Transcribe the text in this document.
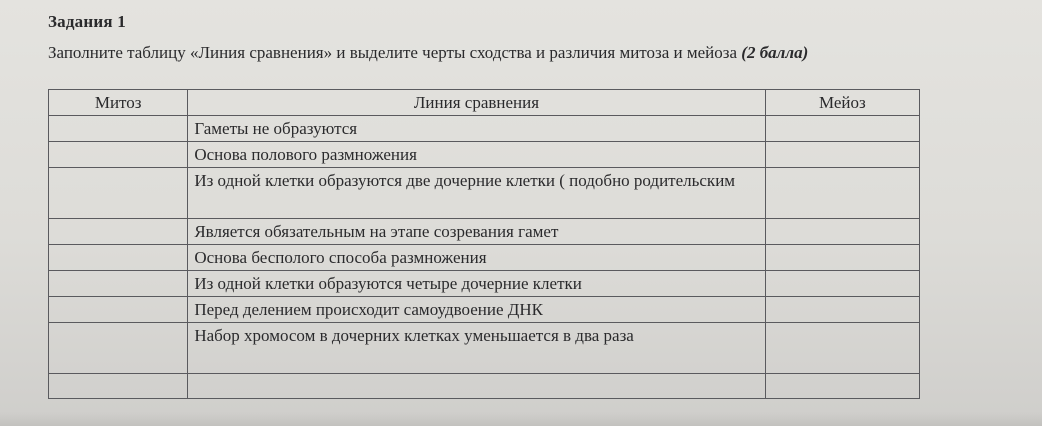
Задания 1
Заполните таблицу «Линия сравнения» и выделите черты сходства и различия митоза и мейоза (2 балла)
Митоз	Линия сравнения	Мейоз
	Гаметы не образуются	
	Основа полового размножения	
	Из одной клетки образуются две дочерние клетки ( подобно родительским	
	Является обязательным на этапе созревания гамет	
	Основа бесполого способа размножения	
	Из одной клетки образуются четыре дочерние клетки	
	Перед делением происходит самоудвоение ДНК	
	Набор хромосом в дочерних клетках уменьшается в два раза	
